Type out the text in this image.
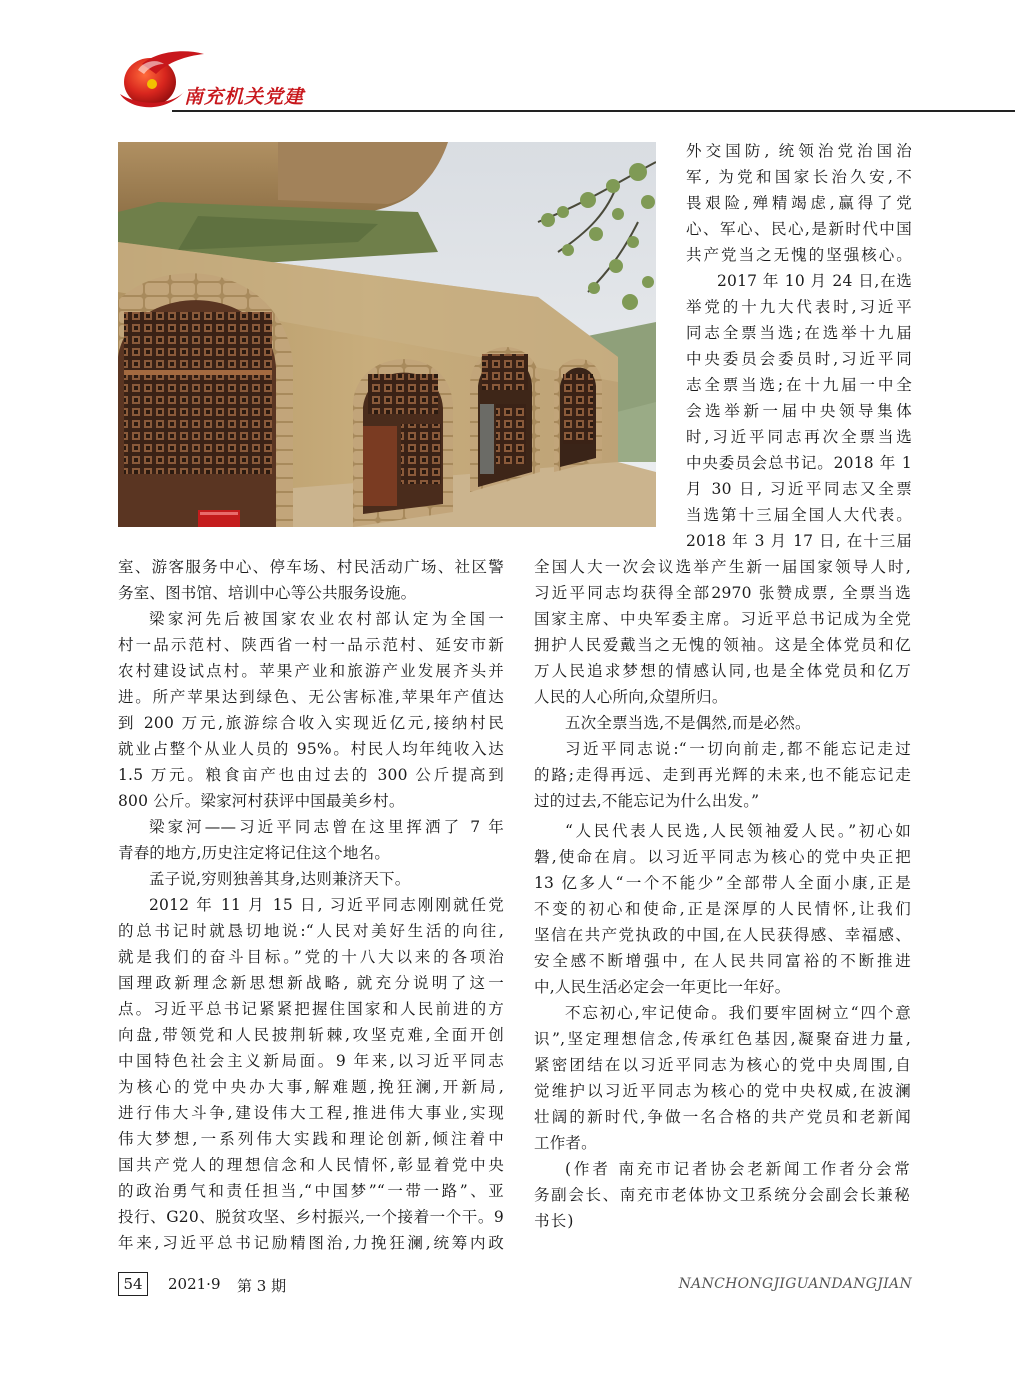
南充机关党建
外交国防, 统领治党治国治
军, 为党和国家长治久安,不
畏艰险,殚精竭虑,赢得了党
心、军心、民心,是新时代中国
共产党当之无愧的坚强核心。
2017 年 10 月 24 日,在选
举党的十九大代表时,习近平
同志全票当选;在选举十九届
中央委员会委员时,习近平同
志全票当选;在十九届一中全
会选举新一届中央领导集体
时,习近平同志再次全票当选
中央委员会总书记。2018 年 1
月 30 日, 习近平同志又全票
当选第十三届全国人大代表。
2018 年 3 月 17 日, 在十三届
室、游客服务中心、停车场、村民活动广场、社区警
务室、图书馆、培训中心等公共服务设施。
梁家河先后被国家农业农村部认定为全国一
村一品示范村、陕西省一村一品示范村、延安市新
农村建设试点村。苹果产业和旅游产业发展齐头并
进。所产苹果达到绿色、无公害标准,苹果年产值达
到 200 万元,旅游综合收入实现近亿元,接纳村民
就业占整个从业人员的 95%。村民人均年纯收入达
1.5 万元。粮食亩产也由过去的 300 公斤提高到
800 公斤。梁家河村获评中国最美乡村。
梁家河——习近平同志曾在这里挥洒了 7 年
青春的地方,历史注定将记住这个地名。
孟子说,穷则独善其身,达则兼济天下。
2012 年 11 月 15 日, 习近平同志刚刚就任党
的总书记时就恳切地说:“人民对美好生活的向往,
就是我们的奋斗目标。”党的十八大以来的各项治
国理政新理念新思想新战略, 就充分说明了这一
点。习近平总书记紧紧把握住国家和人民前进的方
向盘,带领党和人民披荆斩棘,攻坚克难,全面开创
中国特色社会主义新局面。9 年来,以习近平同志
为核心的党中央办大事,解难题,挽狂澜,开新局,
进行伟大斗争,建设伟大工程,推进伟大事业,实现
伟大梦想,一系列伟大实践和理论创新,倾注着中
国共产党人的理想信念和人民情怀,彰显着党中央
的政治勇气和责任担当,“中国梦”“一带一路”、亚
投行、G20、脱贫攻坚、乡村振兴,一个接着一个干。9
年来,习近平总书记励精图治,力挽狂澜,统筹内政
全国人大一次会议选举产生新一届国家领导人时,
习近平同志均获得全部2970 张赞成票, 全票当选
国家主席、中央军委主席。习近平总书记成为全党
拥护人民爱戴当之无愧的领袖。这是全体党员和亿
万人民追求梦想的情感认同,也是全体党员和亿万
人民的人心所向,众望所归。
五次全票当选,不是偶然,而是必然。
习近平同志说:“一切向前走,都不能忘记走过
的路;走得再远、走到再光辉的未来,也不能忘记走
过的过去,不能忘记为什么出发。”
“人民代表人民选,人民领袖爱人民。”初心如
磐,使命在肩。以习近平同志为核心的党中央正把
13 亿多人“一个不能少”全部带人全面小康,正是
不变的初心和使命,正是深厚的人民情怀,让我们
坚信在共产党执政的中国,在人民获得感、幸福感、
安全感不断增强中, 在人民共同富裕的不断推进
中,人民生活必定会一年更比一年好。
不忘初心,牢记使命。我们要牢固树立“四个意
识”,坚定理想信念,传承红色基因,凝聚奋进力量,
紧密团结在以习近平同志为核心的党中央周围,自
觉维护以习近平同志为核心的党中央权威,在波澜
壮阔的新时代,争做一名合格的共产党员和老新闻
工作者。
(作者 南充市记者协会老新闻工作者分会常
务副会长、南充市老体协文卫系统分会副会长兼秘
书长)
54	2021·9 第 3 期	NANCHONGJIGUANDANGJIAN
